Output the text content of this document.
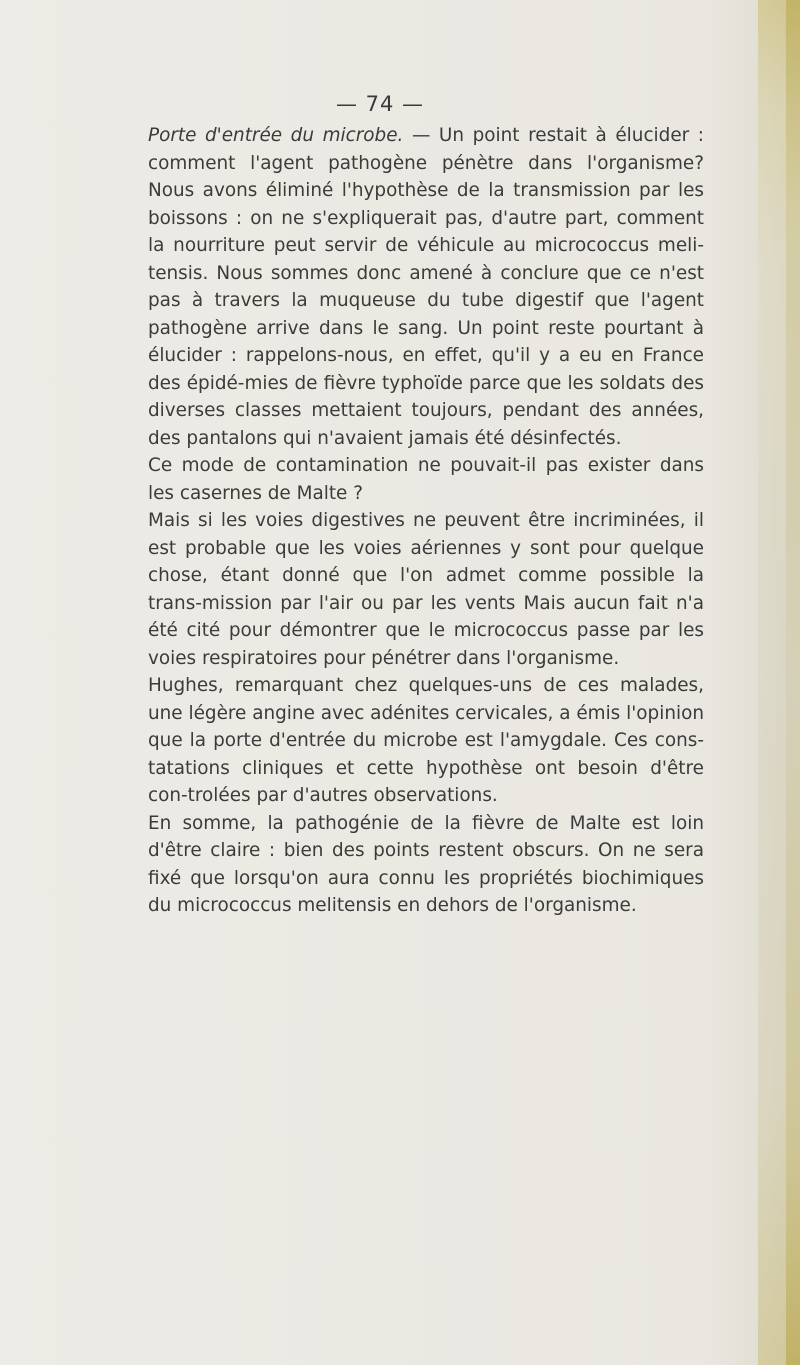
— 74 —

Porte d'entrée du microbe. — Un point restait à élucider : comment l'agent pathogène pénètre dans l'organisme? Nous avons éliminé l'hypothèse de la transmission par les boissons : on ne s'expliquerait pas, d'autre part, comment la nourriture peut servir de véhicule au micrococcus meli-tensis. Nous sommes donc amené à conclure que ce n'est pas à travers la muqueuse du tube digestif que l'agent pathogène arrive dans le sang. Un point reste pourtant à élucider : rappelons-nous, en effet, qu'il y a eu en France des épidé-mies de fièvre typhoïde parce que les soldats des diverses classes mettaient toujours, pendant des années, des pantalons qui n'avaient jamais été désinfectés.

Ce mode de contamination ne pouvait-il pas exister dans les casernes de Malte ?

Mais si les voies digestives ne peuvent être incriminées, il est probable que les voies aériennes y sont pour quelque chose, étant donné que l'on admet comme possible la trans-mission par l'air ou par les vents Mais aucun fait n'a été cité pour démontrer que le micrococcus passe par les voies respiratoires pour pénétrer dans l'organisme.

Hughes, remarquant chez quelques-uns de ces malades, une légère angine avec adénites cervicales, a émis l'opinion que la porte d'entrée du microbe est l'amygdale. Ces cons-tatations cliniques et cette hypothèse ont besoin d'être con-trolées par d'autres observations.

En somme, la pathogénie de la fièvre de Malte est loin d'être claire : bien des points restent obscurs. On ne sera fixé que lorsqu'on aura connu les propriétés biochimiques du micrococcus melitensis en dehors de l'organisme.
